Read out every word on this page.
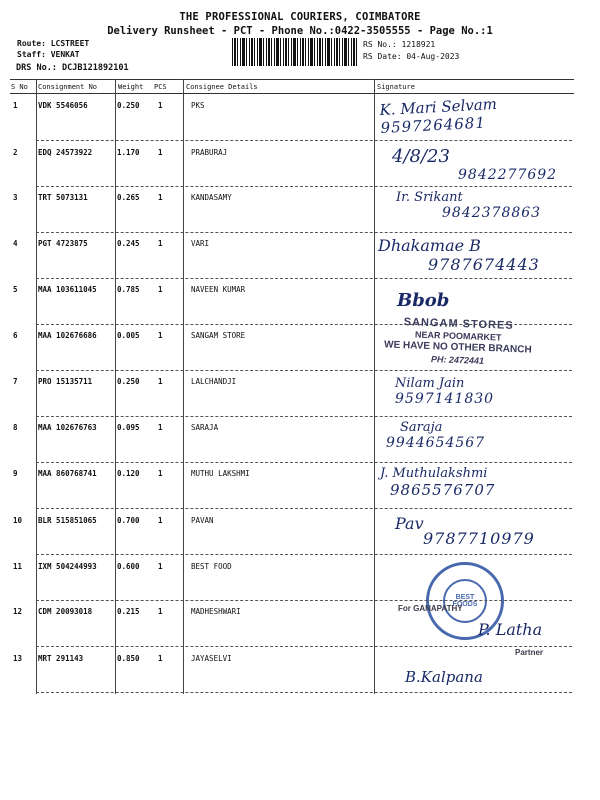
THE PROFESSIONAL COURIERS, COIMBATORE
Delivery Runsheet - PCT - Phone No.:0422-3505555 - Page No.:1
Route: LCSTREET
Staff: VENKAT
DRS No.: DCJB121892101
RS No.: 1218921
RS Date: 04-Aug-2023
S No Consignment No	Weight PCS	Consignee Details	Signature
1	VDK 5546056	0.250 1	PKS	K. Mari Selvam
9597264681
2	EDQ 24573922	1.170 1	PRABURAJ	4/8/23
9842277692
3	TRT 5073131	0.265 1	KANDASAMY	Ir. Srikant
9842378863
4	PGT 4723875	0.245 1	VARI	Dhakamae B
9787674443
5	MAA 103611045	0.785 1	NAVEEN KUMAR
Bbob
6	MAA 102676686	0.005 1	SANGAM STORE
SANGAM STORES
NEAR POOMARKET
WE HAVE NO OTHER BRANCH
PH: 2472441
7	PRO 15135711	0.250 1	LALCHANDJI	Nilam Jain
9597141830
8	MAA 102676763	0.095 1	SARAJA	Saraja
9944654567
9	MAA 860768741	0.120 1	MUTHU LAKSHMI	J. Muthulakshmi
9865576707
10 BLR 515851065	0.700 1	PAVAN	Pav
9787710979
11 IXM 504244993	0.600 1	BEST FOOD
BEST FOODS
12 CDM 20093018	0.215 1	MADHESHWARI	For GANAPATHY
P. Latha
Partner
13 MRT 291143	0.850 1	JAYASELVI
B.Kalpana
